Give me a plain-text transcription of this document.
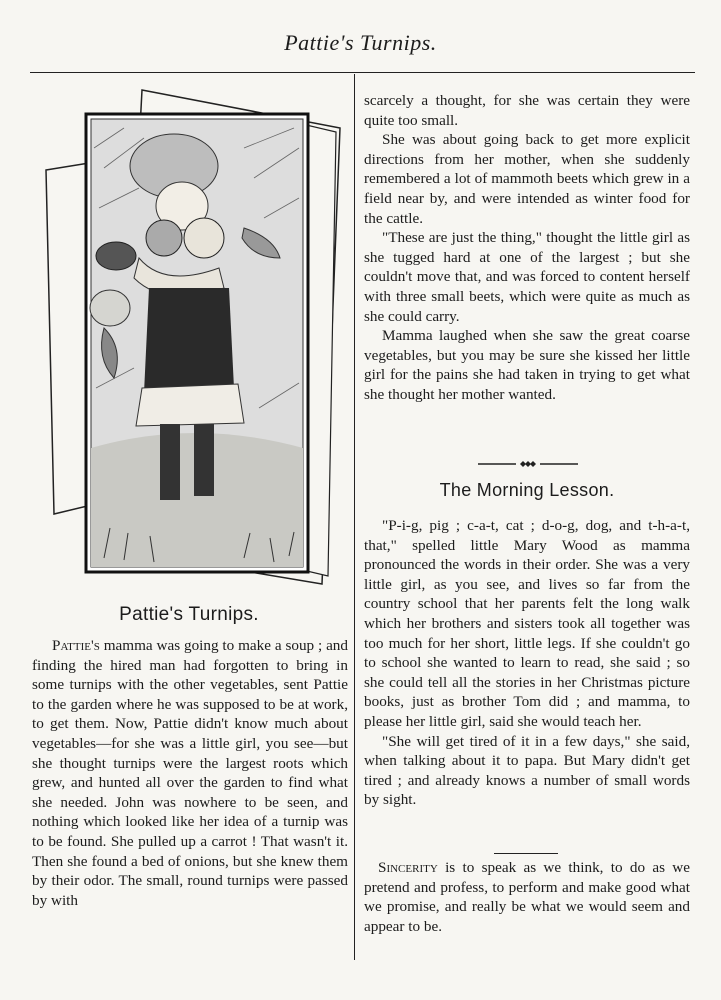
Pattie's Turnips.
Pattie's Turnips.

Pattie's mamma was going to make a soup ; and finding the hired man had forgotten to bring in some turnips with the other vegetables, sent Pattie to the garden where he was supposed to be at work, to get them. Now, Pattie didn't know much about vegetables—for she was a little girl, you see—but she thought turnips were the largest roots which grew, and hunted all over the garden to find what she needed. John was nowhere to be seen, and nothing which looked like her idea of a turnip was to be found. She pulled up a carrot ! That wasn't it. Then she found a bed of onions, but she knew them by their odor. The small, round turnips were passed by with

scarcely a thought, for she was certain they were quite too small.

She was about going back to get more explicit directions from her mother, when she suddenly remembered a lot of mammoth beets which grew in a field near by, and were intended as winter food for the cattle.

"These are just the thing," thought the little girl as she tugged hard at one of the largest ; but she couldn't move that, and was forced to content herself with three small beets, which were quite as much as she could carry.

Mamma laughed when she saw the great coarse vegetables, but you may be sure she kissed her little girl for the pains she had taken in trying to get what she thought her mother wanted.

The Morning Lesson.

"P-i-g, pig ; c-a-t, cat ; d-o-g, dog, and t-h-a-t, that," spelled little Mary Wood as mamma pronounced the words in their order. She was a very little girl, as you see, and lives so far from the country school that her parents felt the long walk which her brothers and sisters took all together was too much for her short, little legs. If she couldn't go to school she wanted to learn to read, she said ; so she could tell all the stories in her Christmas picture books, just as brother Tom did ; and mamma, to please her little girl, said she would teach her.

"She will get tired of it in a few days," she said, when talking about it to papa. But Mary didn't get tired ; and already knows a number of small words by sight.

Sincerity is to speak as we think, to do as we pretend and profess, to perform and make good what we promise, and really be what we would seem and appear to be.
